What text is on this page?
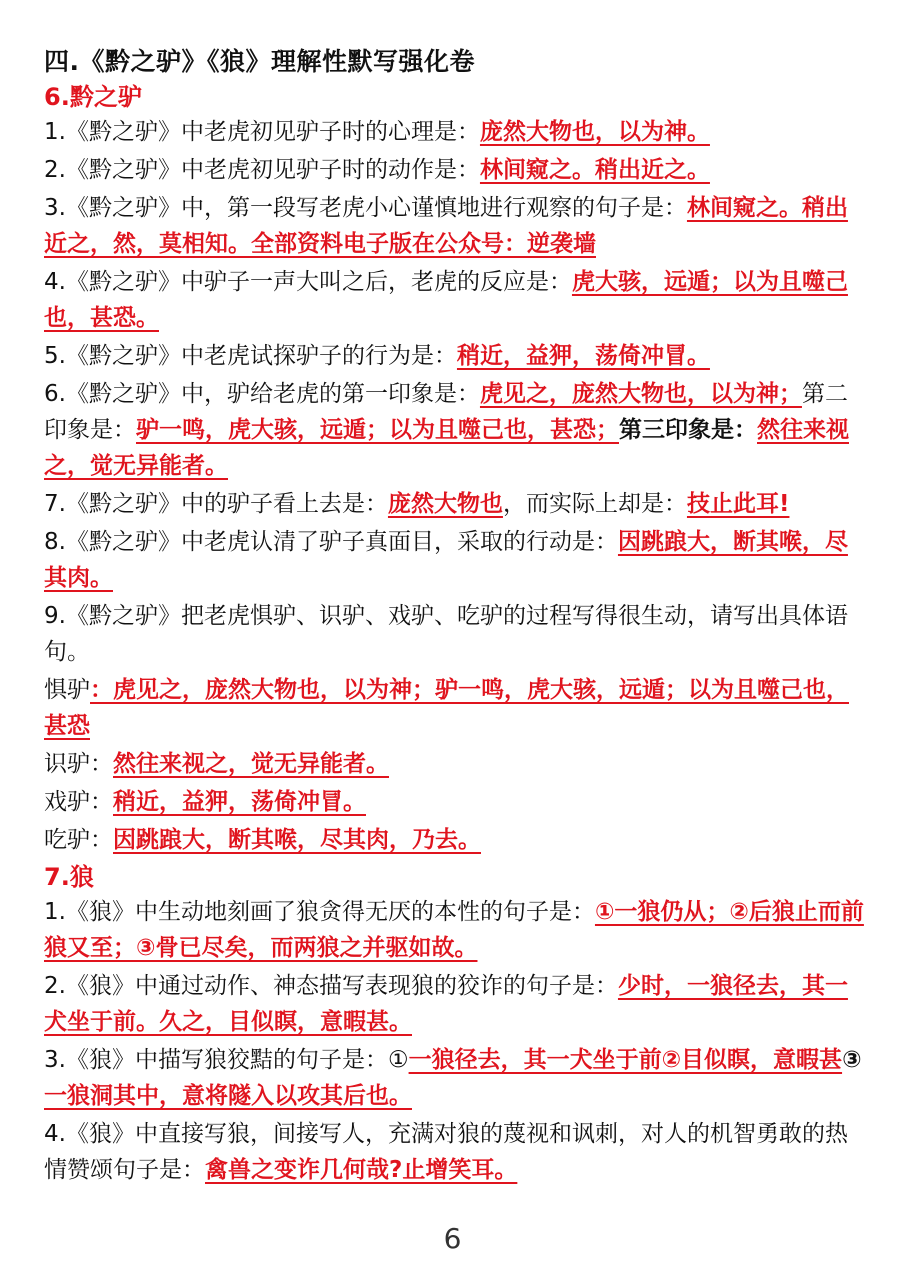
四.《黔之驴》《狼》理解性默写强化卷
6.黔之驴
1.《黔之驴》中老虎初见驴子时的心理是：庞然大物也，以为神。
2.《黔之驴》中老虎初见驴子时的动作是：林间窥之。稍出近之。
3.《黔之驴》中，第一段写老虎小心谨慎地进行观察的句子是：林间窥之。稍出近之，然，莫相知。全部资料电子版在公众号：逆袭墙
4.《黔之驴》中驴子一声大叫之后，老虎的反应是：虎大骇，远遁；以为且噬己也，甚恐。
5.《黔之驴》中老虎试探驴子的行为是：稍近，益狎，荡倚冲冒。
6.《黔之驴》中，驴给老虎的第一印象是：虎见之，庞然大物也，以为神；第二印象是：驴一鸣，虎大骇，远遁；以为且噬己也，甚恐；第三印象是：然往来视之，觉无异能者。
7.《黔之驴》中的驴子看上去是：庞然大物也，而实际上却是：技止此耳!
8.《黔之驴》中老虎认清了驴子真面目，采取的行动是：因跳踉大，断其喉，尽其肉。
9.《黔之驴》把老虎惧驴、识驴、戏驴、吃驴的过程写得很生动，请写出具体语句。
惧驴：虎见之，庞然大物也，以为神；驴一鸣，虎大骇，远遁；以为且噬己也，甚恐
识驴：然往来视之，觉无异能者。
戏驴：稍近，益狎，荡倚冲冒。
吃驴：因跳踉大，断其喉，尽其肉，乃去。
7.狼
1.《狼》中生动地刻画了狼贪得无厌的本性的句子是：①一狼仍从；②后狼止而前狼又至；③骨已尽矣，而两狼之并驱如故。
2.《狼》中通过动作、神态描写表现狼的狡诈的句子是：少时，一狼径去，其一犬坐于前。久之，目似瞑，意暇甚。
3.《狼》中描写狼狡黠的句子是：①一狼径去，其一犬坐于前②目似瞑，意暇甚③一狼洞其中，意将隧入以攻其后也。
4.《狼》中直接写狼，间接写人，充满对狼的蔑视和讽刺，对人的机智勇敢的热情赞颂句子是：禽兽之变诈几何哉?止增笑耳。
6
